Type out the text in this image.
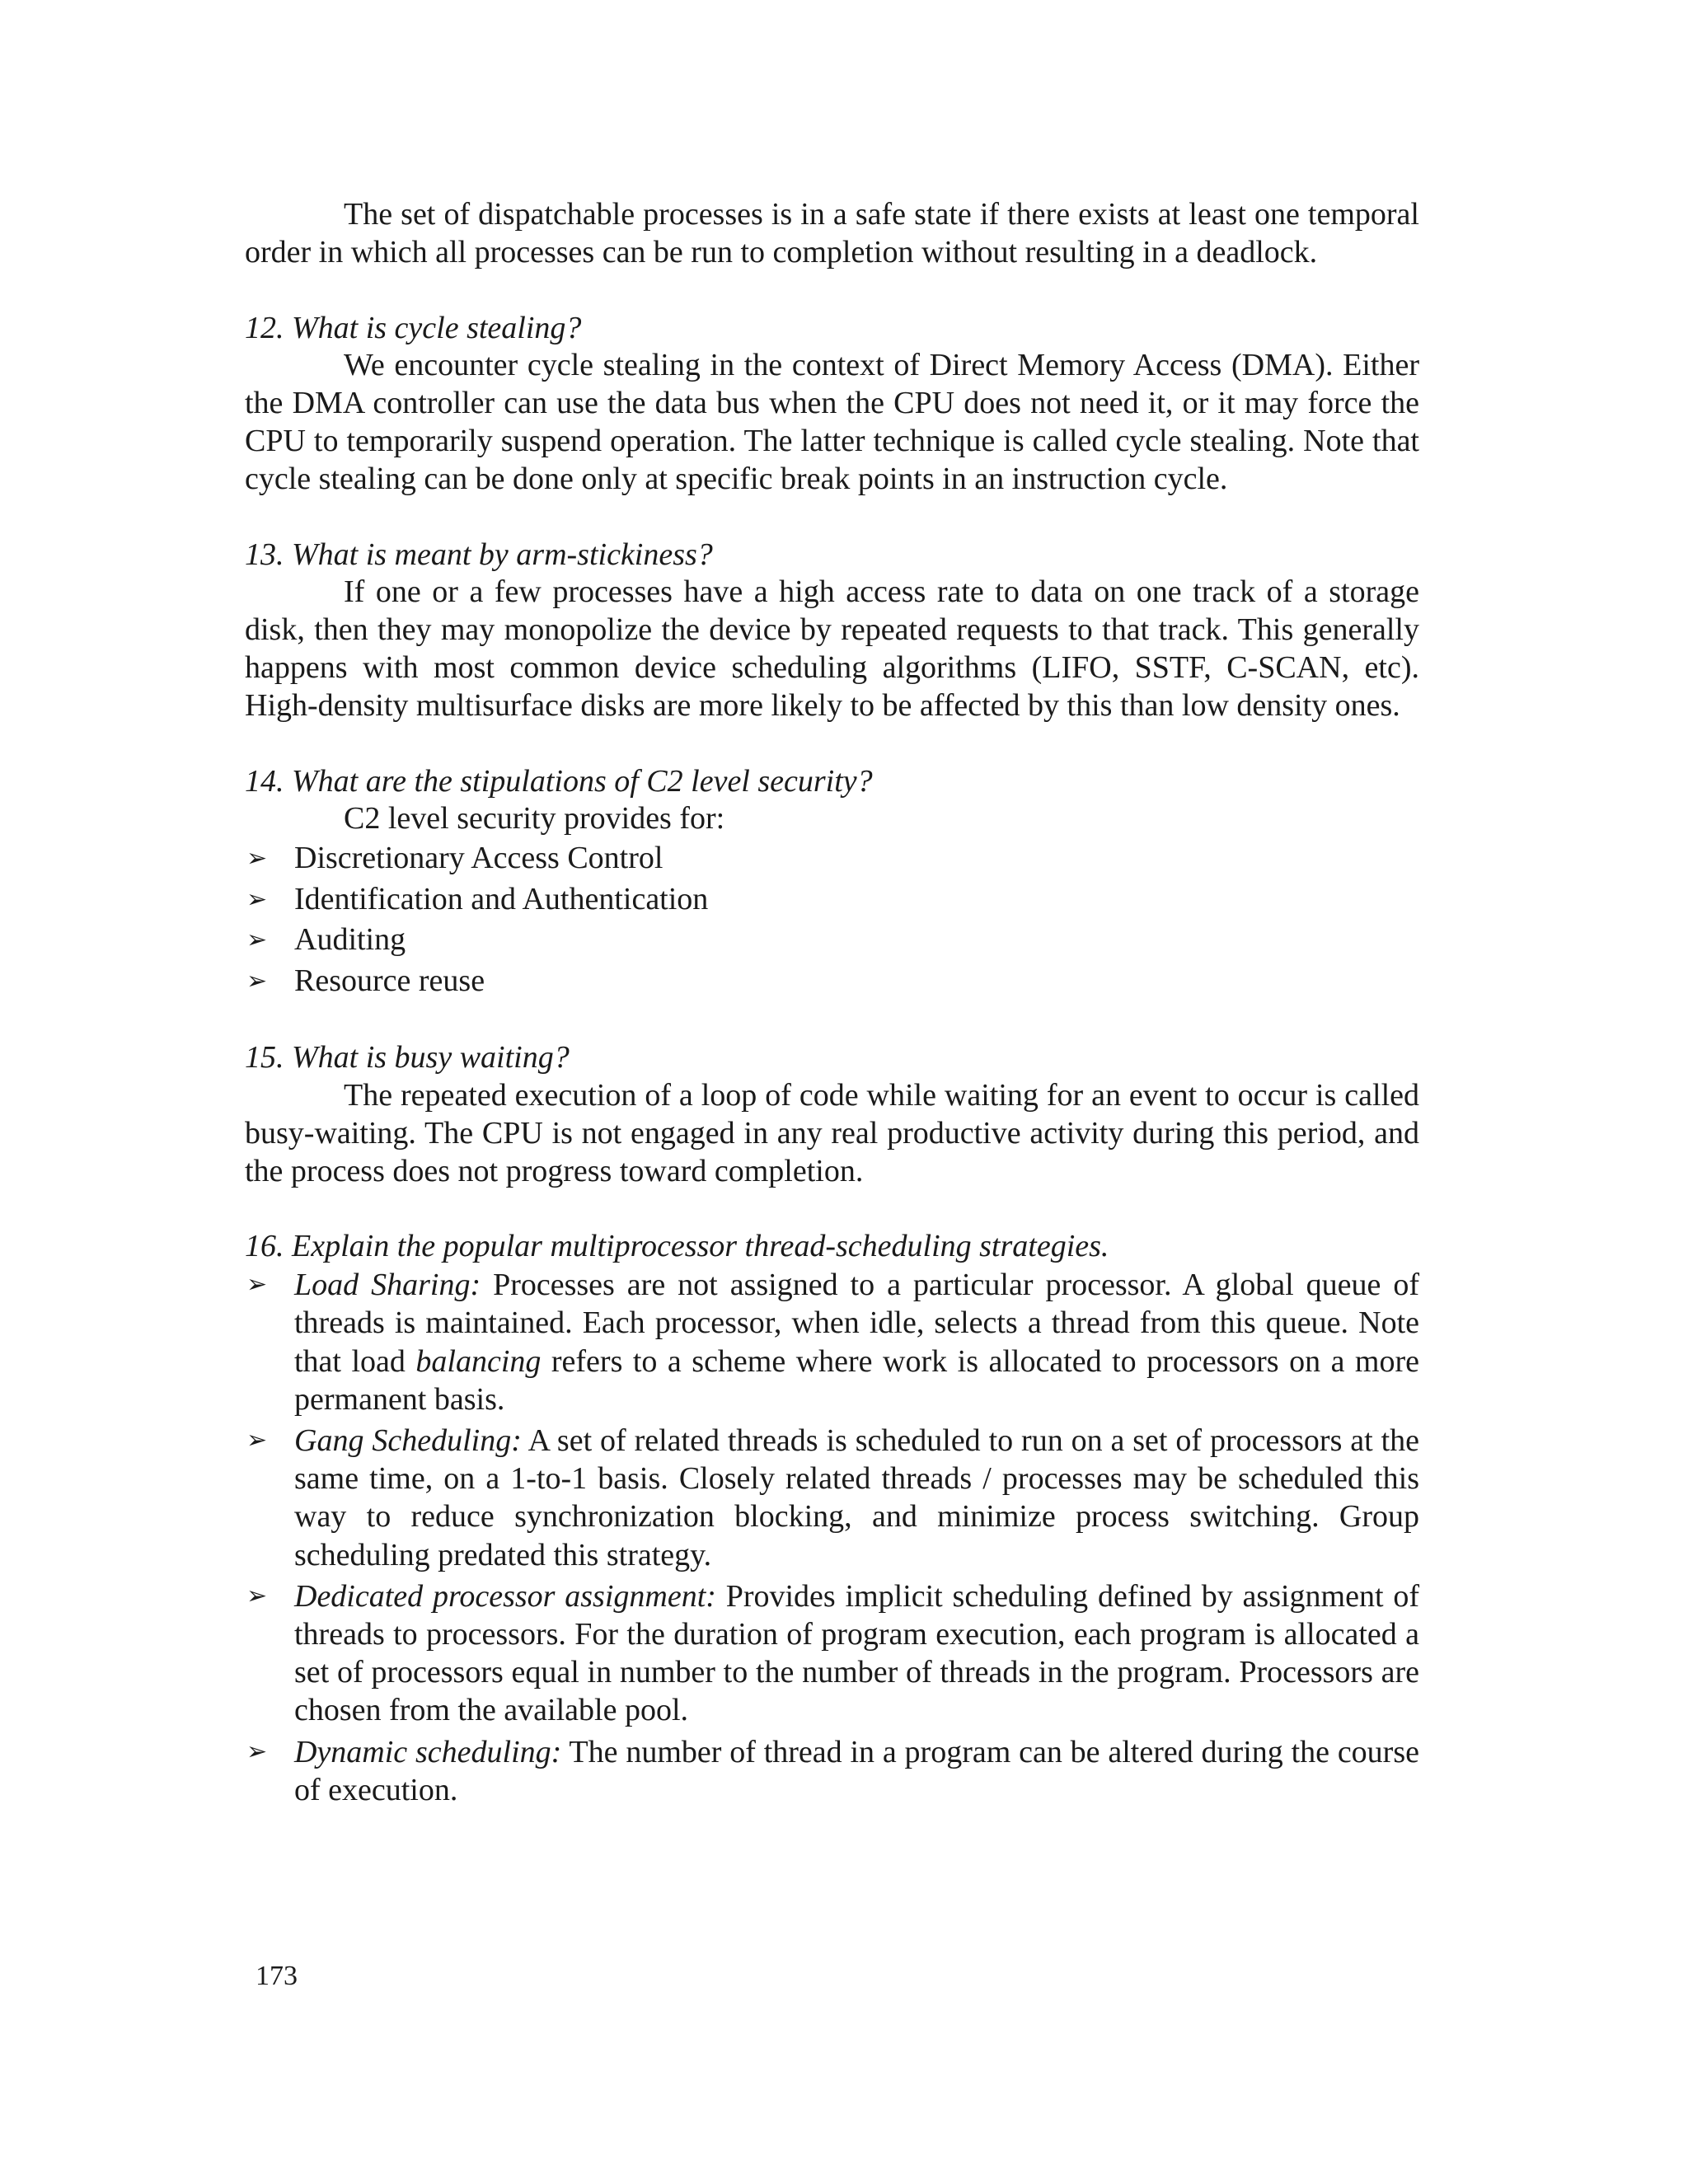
The set of dispatchable processes is in a safe state if there exists at least one temporal order in which all processes can be run to completion without resulting in a deadlock.

12. What is cycle stealing?

We encounter cycle stealing in the context of Direct Memory Access (DMA). Either the DMA controller can use the data bus when the CPU does not need it, or it may force the CPU to temporarily suspend operation. The latter technique is called cycle stealing. Note that cycle stealing can be done only at specific break points in an instruction cycle.

13. What is meant by arm-stickiness?

If one or a few processes have a high access rate to data on one track of a storage disk, then they may monopolize the device by repeated requests to that track. This generally happens with most common device scheduling algorithms (LIFO, SSTF, C-SCAN, etc). High-density multisurface disks are more likely to be affected by this than low density ones.

14. What are the stipulations of C2 level security?

C2 level security provides for:

➢ Discretionary Access Control
➢ Identification and Authentication
➢ Auditing
➢ Resource reuse

15. What is busy waiting?

The repeated execution of a loop of code while waiting for an event to occur is called busy-waiting. The CPU is not engaged in any real productive activity during this period, and the process does not progress toward completion.

16. Explain the popular multiprocessor thread-scheduling strategies.

➢ Load Sharing: Processes are not assigned to a particular processor. A global queue of threads is maintained. Each processor, when idle, selects a thread from this queue. Note that load balancing refers to a scheme where work is allocated to processors on a more permanent basis.
➢ Gang Scheduling: A set of related threads is scheduled to run on a set of processors at the same time, on a 1-to-1 basis. Closely related threads / processes may be scheduled this way to reduce synchronization blocking, and minimize process switching. Group scheduling predated this strategy.
➢ Dedicated processor assignment: Provides implicit scheduling defined by assignment of threads to processors. For the duration of program execution, each program is allocated a set of processors equal in number to the number of threads in the program. Processors are chosen from the available pool.
➢ Dynamic scheduling: The number of thread in a program can be altered during the course of execution.
173
